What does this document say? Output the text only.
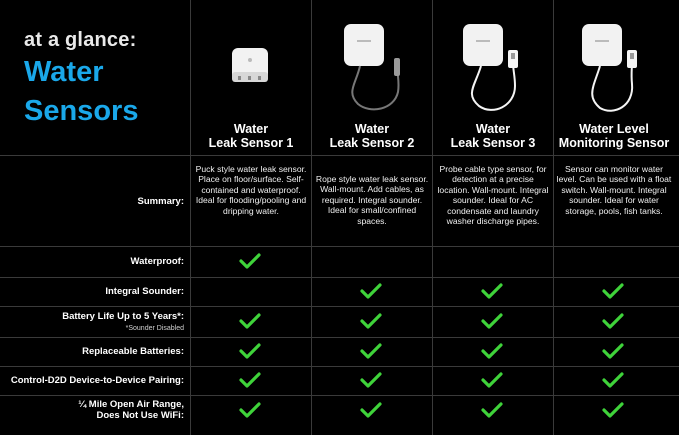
at a glance:
Water
Sensors
Water
Leak Sensor 1
Water
Leak Sensor 2
Water
Leak Sensor 3
Water Level
Monitoring Sensor
Summary:
Waterproof:
Integral Sounder:
Battery Life Up to 5 Years*:
*Sounder Disabled
Replaceable Batteries:
Control-D2D Device-to-Device Pairing:
¼ Mile Open Air Range,
Does Not Use WiFi:
Puck style water leak sensor. Place on floor/surface. Self-contained and waterproof. Ideal for flooding/pooling and dripping water.
Rope style water leak sensor. Wall-mount. Add cables, as required. Integral sounder. Ideal for small/confined spaces.
Probe cable type sensor, for detection at a precise location. Wall-mount. Integral sounder. Ideal for AC condensate and laundry washer discharge pipes.
Sensor can monitor water level. Can be used with a float switch. Wall-mount. Integral sounder. Ideal for water storage, pools, fish tanks.
